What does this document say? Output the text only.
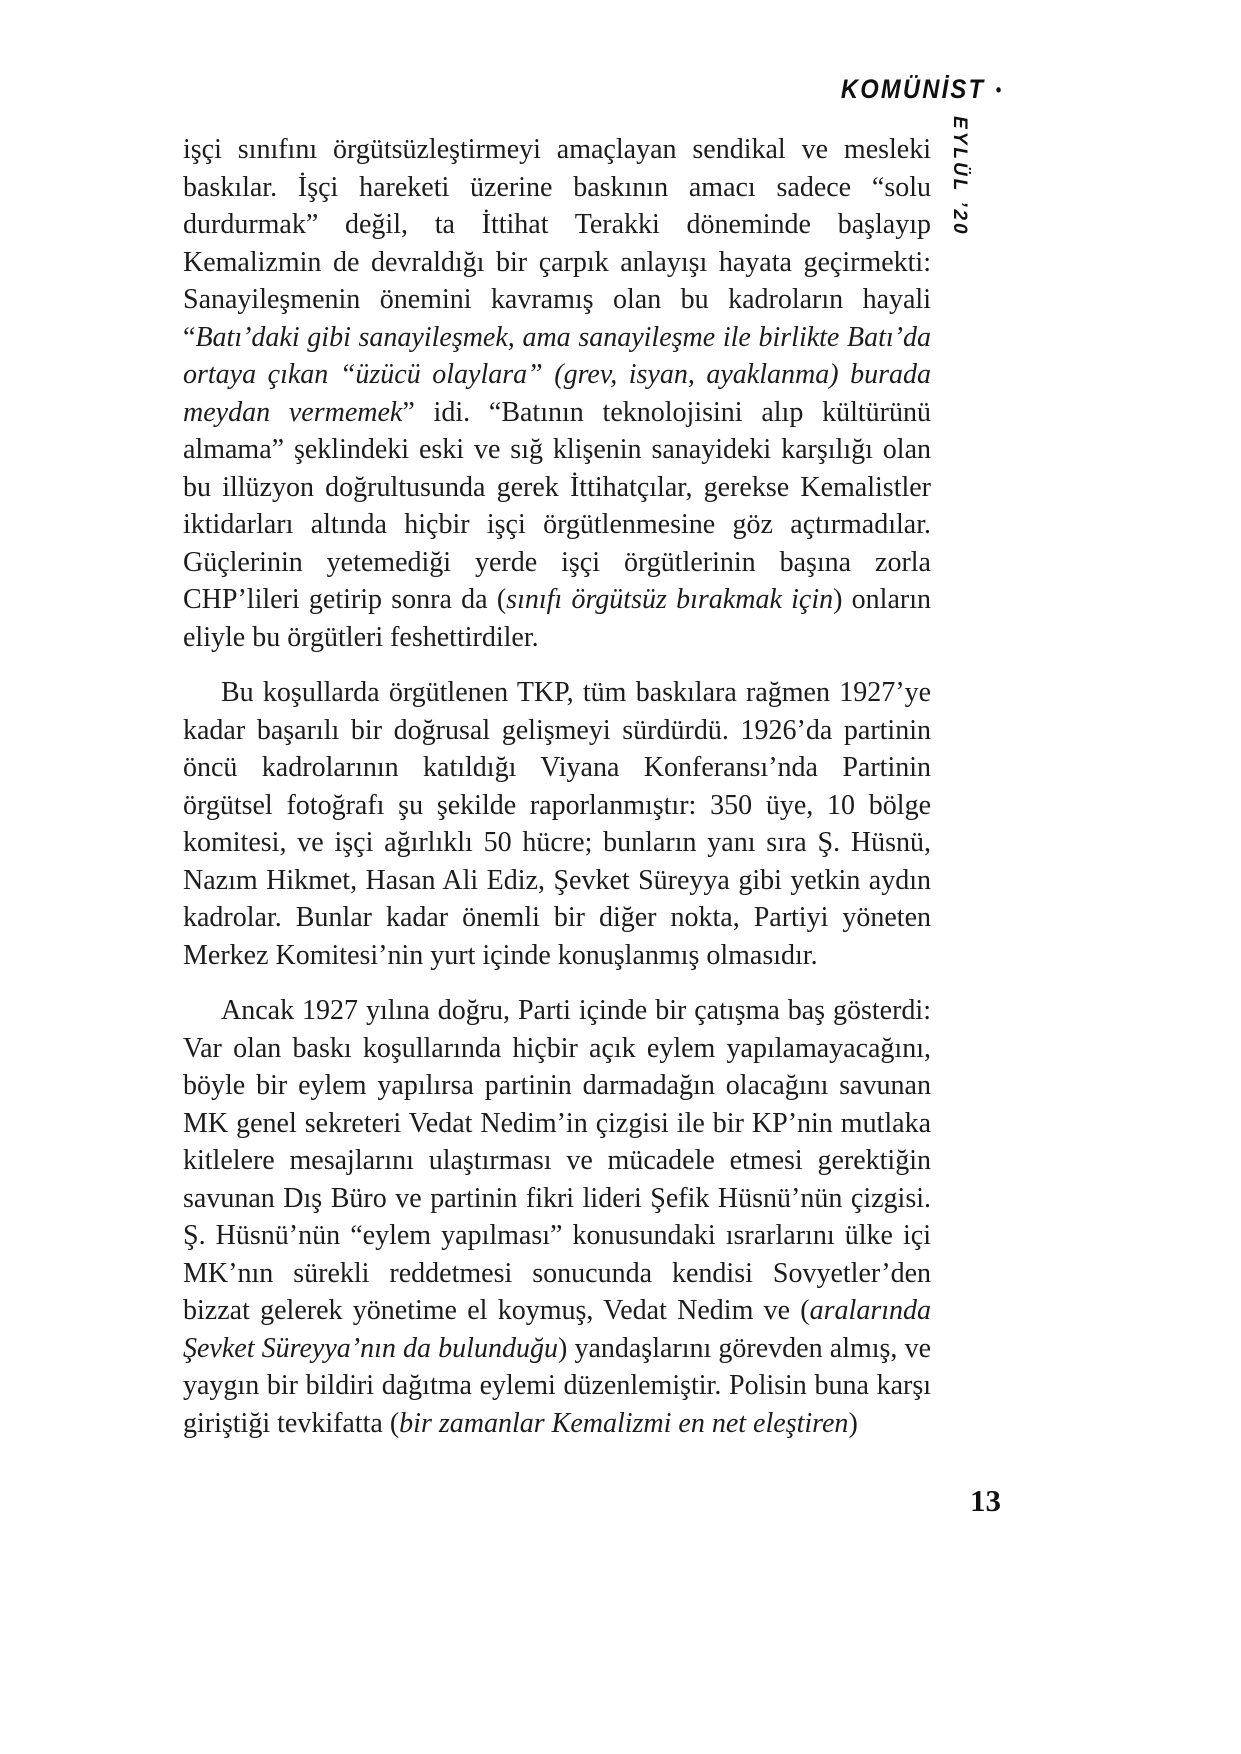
KOMÜNİST •
EYLÜL ’20

işçi sınıfını örgütsüzleştirmeyi amaçlayan sendikal ve mesleki baskılar. İşçi hareketi üzerine baskının amacı sadece “solu durdurmak” değil, ta İttihat Terakki döneminde başlayıp Kemalizmin de devraldığı bir çarpık anlayışı hayata geçirmekti: Sanayileşmenin önemini kavramış olan bu kadroların hayali “Batı’daki gibi sanayileşmek, ama sanayileşme ile birlikte Batı’da ortaya çıkan “üzücü olaylara” (grev, isyan, ayaklanma) burada meydan vermemek” idi. “Batının teknolojisini alıp kültürünü almama” şeklindeki eski ve sığ klişenin sanayideki karşılığı olan bu illüzyon doğrultusunda gerek İttihatçılar, gerekse Kemalistler iktidarları altında hiçbir işçi örgütlenmesine göz açtırmadılar. Güçlerinin yetemediği yerde işçi örgütlerinin başına zorla CHP’lileri getirip sonra da (sınıfı örgütsüz bırakmak için) onların eliyle bu örgütleri feshettirdiler.

Bu koşullarda örgütlenen TKP, tüm baskılara rağmen 1927’ye kadar başarılı bir doğrusal gelişmeyi sürdürdü. 1926’da partinin öncü kadrolarının katıldığı Viyana Konferansı’nda Partinin örgütsel fotoğrafı şu şekilde raporlanmıştır: 350 üye, 10 bölge komitesi, ve işçi ağırlıklı 50 hücre; bunların yanı sıra Ş. Hüsnü, Nazım Hikmet, Hasan Ali Ediz, Şevket Süreyya gibi yetkin aydın kadrolar. Bunlar kadar önemli bir diğer nokta, Partiyi yöneten Merkez Komitesi’nin yurt içinde konuşlanmış olmasıdır.

Ancak 1927 yılına doğru, Parti içinde bir çatışma baş gösterdi: Var olan baskı koşullarında hiçbir açık eylem yapılamayacağını, böyle bir eylem yapılırsa partinin darmadağın olacağını savunan MK genel sekreteri Vedat Nedim’in çizgisi ile bir KP’nin mutlaka kitlelere mesajlarını ulaştırması ve mücadele etmesi gerektiğin savunan Dış Büro ve partinin fikri lideri Şefik Hüsnü’nün çizgisi. Ş. Hüsnü’nün “eylem yapılması” konusundaki ısrarlarını ülke içi MK’nın sürekli reddetmesi sonucunda kendisi Sovyetler’den bizzat gelerek yönetime el koymuş, Vedat Nedim ve (aralarında Şevket Süreyya’nın da bulunduğu) yandaşlarını görevden almış, ve yaygın bir bildiri dağıtma eylemi düzenlemiştir. Polisin buna karşı giriştiği tevkifatta (bir zamanlar Kemalizmi en net eleştiren)

13
